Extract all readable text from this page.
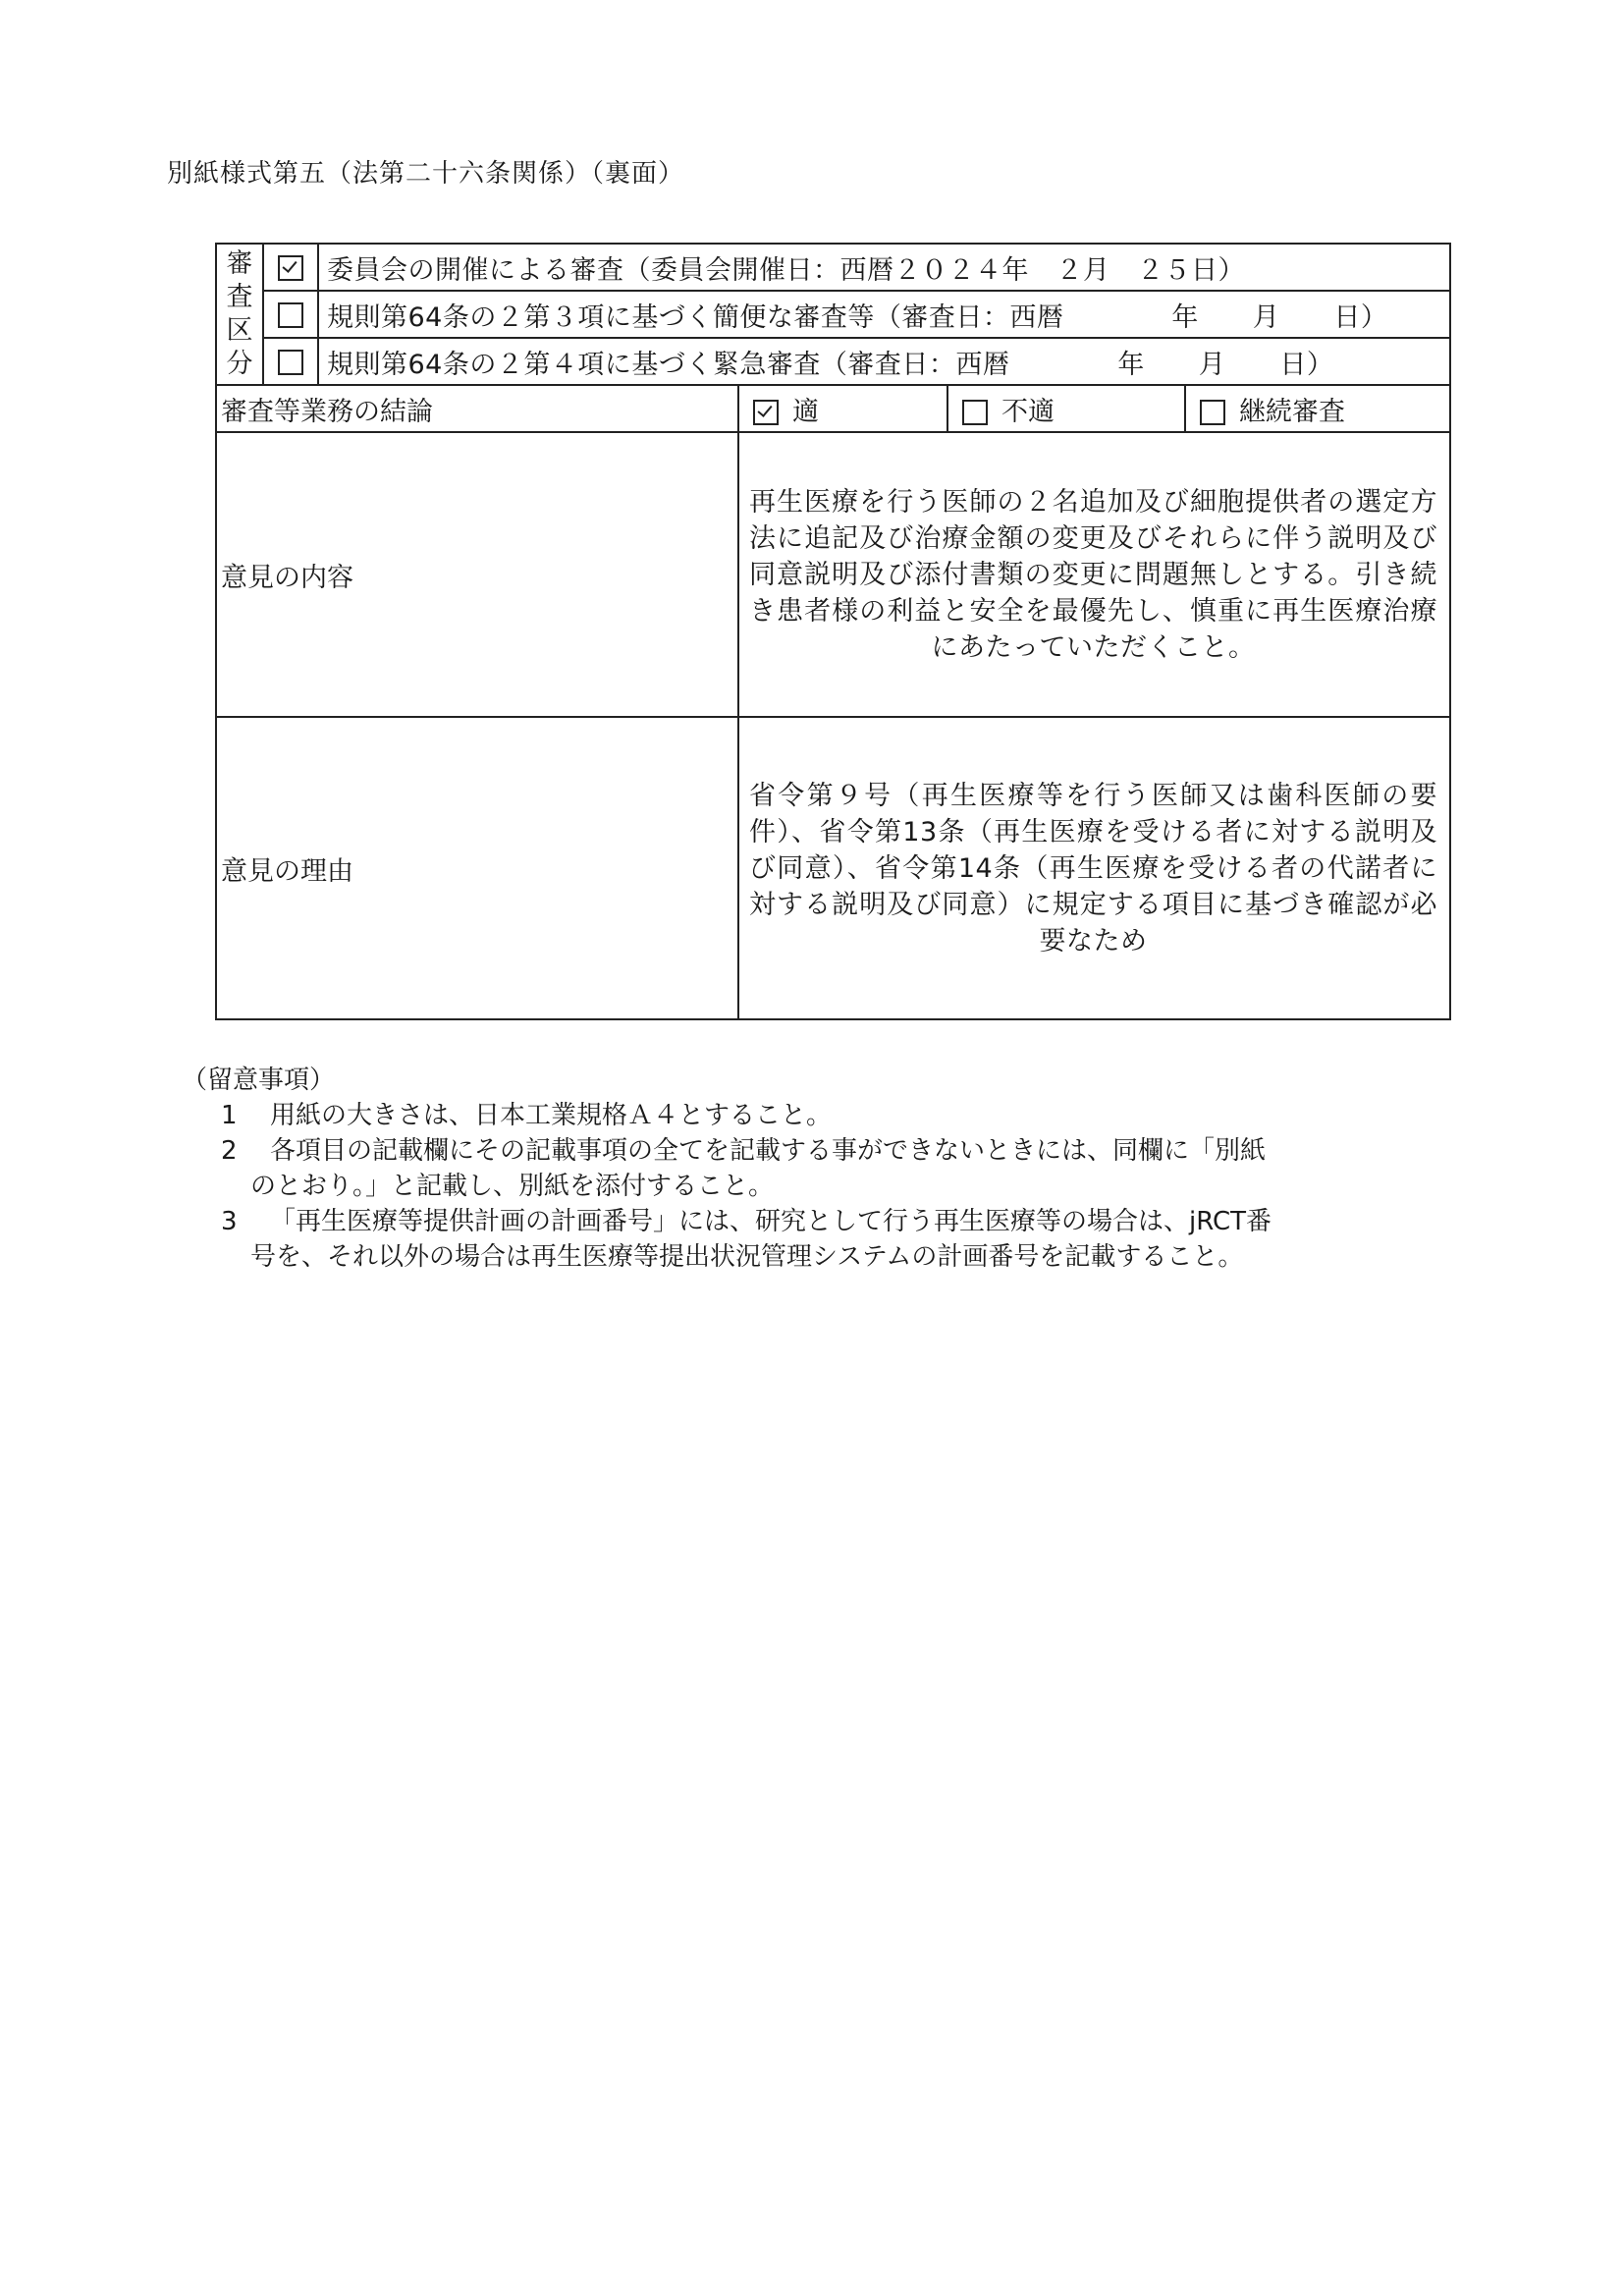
別紙様式第五（法第二十六条関係）（裏面）
審
査
区
分		委員会の開催による審査（委員会開催日：西暦２０２４年　２月　２５日）			
		規則第64条の２第３項に基づく簡便な審査等（審査日：西暦　　　　年　　月　　日）			
		規則第64条の２第４項に基づく緊急審査（審査日：西暦　　　　年　　月　　日）			
審査等業務の結論			適	不適	継続審査
意見の内容			再生医療を行う医師の２名追加及び細胞提供者の選定方法に追記及び治療金額の変更及びそれらに伴う説明及び同意説明及び添付書類の変更に問題無しとする。引き続き患者様の利益と安全を最優先し、慎重に再生医療治療にあたっていただくこと。		
意見の理由			省令第９号（再生医療等を行う医師又は歯科医師の要件）、省令第13条（再生医療を受ける者に対する説明及び同意）、省令第14条（再生医療を受ける者の代諾者に対する説明及び同意）に規定する項目に基づき確認が必要なため		
（留意事項）
1 用紙の大きさは、日本工業規格Ａ４とすること。
2 各項目の記載欄にその記載事項の全てを記載する事ができないときには、同欄に「別紙
のとおり。」と記載し、別紙を添付すること。
3 「再生医療等提供計画の計画番号」には、研究として行う再生医療等の場合は、jRCT番
号を、それ以外の場合は再生医療等提出状況管理システムの計画番号を記載すること。
